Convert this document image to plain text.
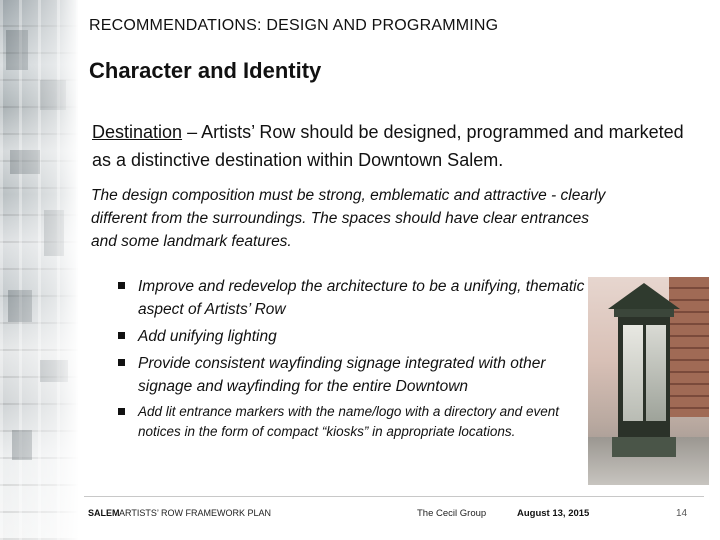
RECOMMENDATIONS: DESIGN AND PROGRAMMING
Character and Identity
Destination – Artists’ Row should be designed, programmed and marketed as a distinctive destination within Downtown Salem.
The design composition must be strong, emblematic and attractive - clearly different from the surroundings. The spaces should have clear entrances and some landmark features.
Improve and redevelop the architecture to be a unifying, thematic aspect of Artists’ Row
Add unifying lighting
Provide consistent wayfinding signage integrated with other signage and wayfinding for the entire Downtown
Add lit entrance markers with the name/logo with a directory and event notices in the form of compact “kiosks” in appropriate locations.
SALEM ARTISTS’ ROW FRAMEWORK PLAN	The Cecil Group	August 13, 2015	14
